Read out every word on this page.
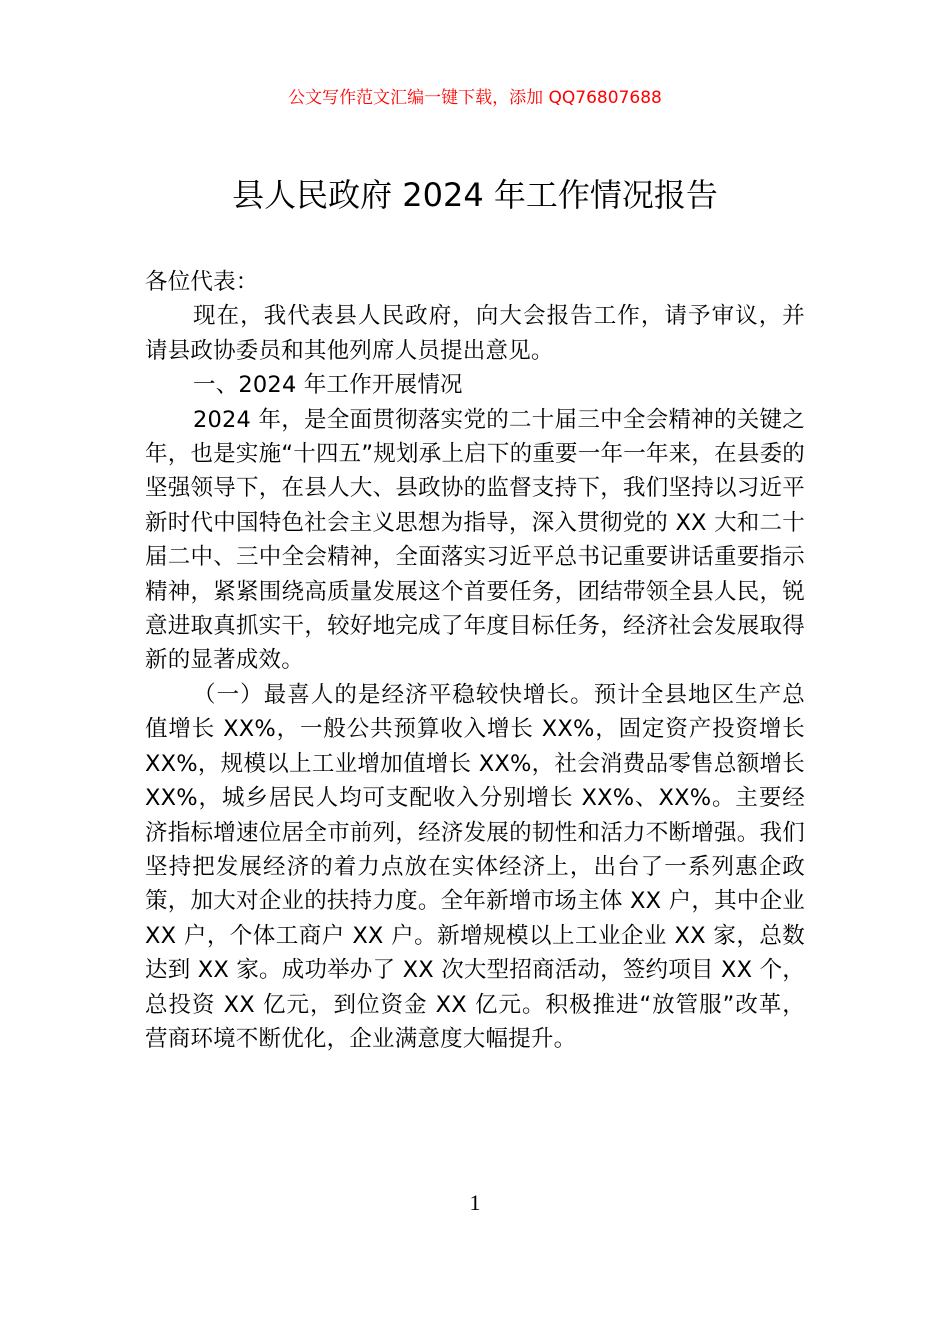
公文写作范文汇编一键下载，添加 QQ76807688
县人民政府 2024 年工作情况报告

各位代表：

现在，我代表县人民政府，向大会报告工作，请予审议，并请县政协委员和其他列席人员提出意见。

一、2024 年工作开展情况

2024 年，是全面贯彻落实党的二十届三中全会精神的关键之年，也是实施“十四五”规划承上启下的重要一年一年来，在县委的坚强领导下，在县人大、县政协的监督支持下，我们坚持以习近平新时代中国特色社会主义思想为指导，深入贯彻党的 XX 大和二十届二中、三中全会精神，全面落实习近平总书记重要讲话重要指示精神，紧紧围绕高质量发展这个首要任务，团结带领全县人民，锐意进取真抓实干，较好地完成了年度目标任务，经济社会发展取得新的显著成效。

（一）最喜人的是经济平稳较快增长。预计全县地区生产总值增长 XX%，一般公共预算收入增长 XX%，固定资产投资增长 XX%，规模以上工业增加值增长 XX%，社会消费品零售总额增长 XX%，城乡居民人均可支配收入分别增长 XX%、XX%。主要经济指标增速位居全市前列，经济发展的韧性和活力不断增强。我们坚持把发展经济的着力点放在实体经济上，出台了一系列惠企政策，加大对企业的扶持力度。全年新增市场主体 XX 户，其中企业 XX 户，个体工商户 XX 户。新增规模以上工业企业 XX 家，总数达到 XX 家。成功举办了 XX 次大型招商活动，签约项目 XX 个，总投资 XX 亿元，到位资金 XX 亿元。积极推进“放管服”改革，营商环境不断优化，企业满意度大幅提升。

1
